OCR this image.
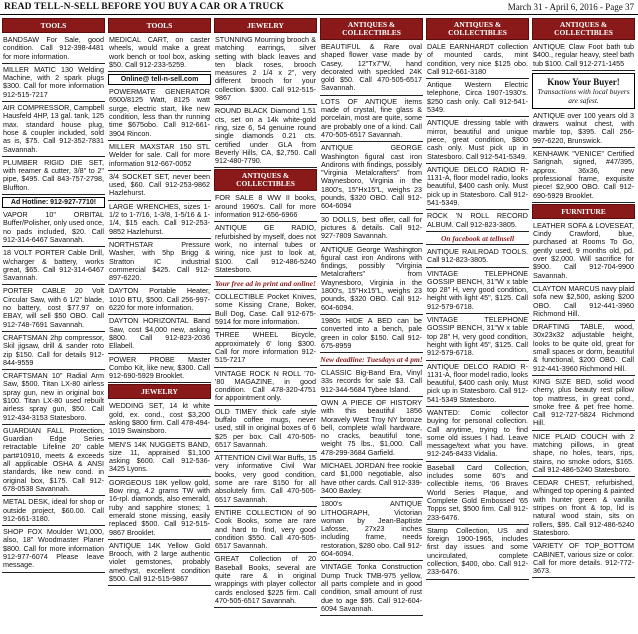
READ TELL-N-SELL BEFORE YOU BUY A CAR OR A TRUCK	March 31 - April 6, 2016 - Page 37
TOOLS
BANDSAW For Sale, good condition. Call 912-398-4481 for more information.
MILLER MATIC 130 Welding Machine, with 2 spark plugs $300. Call for more information 912-515-7217
AIR COMPRESSOR, Campbell Hausfeld 4HP, 13 gal. tank, 125 max. standard house plug, hose & coupler included, sold as is, $75. Call 912-352-7831 Savannah.
PLUMBER RIGID DIE SET, with reamer & cutter, 3/8" to 2" pipe, $495. Call 843-757-2798, Bluffton.
Ad Hotline: 912-927-7710!
VAPOR 10" ORBITAL Buffer/Polisher, only used once, no pads included, $20. Call 912-314-6467 Savannah.
18 VOLT PORTER Cable Drill, w/charger & battery, works great, $65. Call 912-314-6467 Savannah.
PORTER CABLE 20 Volt Circular Saw, with 6 1/2" blade, no battery, cost $77.97 on EBAY, will sell $50 OBO. Call 912-748-7691 Savannah.
CRAFTSMAN 2hp compressor, Skil jigsaw, drill & sander roto zip $150. Call for details 912-844-9559
CRAFTSMAN 10" Radial Arm Saw, $500. Titan LX-80 airless spray gun, new in original box $100. Titan LX-80 used rebuilt airless spray gun, $50. Call 912-434-3153 Statesboro.
GUARDIAN FALL Protection, Guardian Edge Series retractable Lifeline 20' cable part#10910, meets & exceeds all applicable OSHA & ANSI standards, like new cond. in original box, $175. Call 912-678-0538 Savannah.
METAL DESK, ideal for shop or outside project, $60.00. Call 912-661-3180.
SHOP FOX Moulder W1,000, also, 18" Woodmaster Planer $800. Call for more information 912-977-6074 Please leave message.
TOOLS
MEDICAL CART, on caster wheels, would make a great work bench or tool box, asking $50. Call 912-233-5259.
Online@ tell-n-sell.com
POWERMATE GENERATOR 6500/8125 Watt, 8125 watt surge, electric start, like new condition, less than thr running time $675obo. Call 912-661-3904 Rincon.
MILLER MAXSTAR 150 STL Welder for sale. Call for more information 912-667-0052
3/4 SOCKET SET, never been used, $60. Call 912-253-9862 Hazlehurst.
LARGE WRENCHES, sizes 1-1/2 to 1-7/16, 1-3/8, 1-5/16 & 1-1/4, $15 each. Call 912-253-9852 Hazlehurst.
NORTHSTAR Pressure Washer, with 5hp Brigg & Stratton IC industrial commercial $425. Call 912-897-6220.
DAYTON Portable Heater, 1010 BTU, $500. Call 256-997-6220 for more information.
DAYTON HORIZONTAL Band Saw, cost $4,000 new, asking $800. Call 912-823-2036 Ellabell.
POWER PROBE Master Combo Kit, like new, $300. Call 912-690-5929 Brooklet.
JEWELRY
WEDDING SET, 14 kt white gold, ex. cond., cost $3,200 asking $800 firm. Call 478-494-1019 Swainsboro.
MEN'S 14K NUGGETS BAND, size 11, appraised $1,100 asking $600. Call 912-536-3425 Lyons.
GORGEOUS 18K yellow gold, Bow ring, 4.2 grams TW with 16-rpl. diamonds, also emerald, ruby and sapphire stones; 1 emerald stone missing, easily replaced $500. Call 912-515-9867 Brooklet.
ANTIQUE 14K Yellow Gold Brooch, with 2 large authentic violet gemstones, probably amethyst, excellent condition $500. Call 912-515-9867
JEWELRY
STUNNING Mourning brooch & matching earrings, silver setting with black leaves and ten black roses, brooch measures 2 1/4 x 2", very different brooch for your collection. $300. Call 912-515-9867
ROUND BLACK Diamond 1.51 cts, set on a 14k white-gold ring, size 6, 54 genuine round single diamonds 0.21 cts. certified under GLA from Beverly Hills, CA, $2,750. Call 912-480-7790.
ANTIQUES & COLLECTIBLES
FOR SALE 8 WW II books, around 1960's. Call for more information 912-656-6966
ANTIQUE GE RADIO, refurbished by myself, does not work, no internal tubes or wiring, nice just to look at, $100. Call 912-486-5240 Statesboro.
Your free ad in print and online!
COLLECTIBLE Pocket Knives, some Kissing Crane, Boker, Bull Dog, Case. Call 912-675-5914 for more information.
THREE WHEEL Bicycle, approximately 6' long $300. Call for more information 912-515-7217
VINTAGE ROCK N ROLL '70-'80 MAGAZINE, in good condition. Call 478-320-4751 for appointment only.
OLD TIMEY thick cafe style buffalo coffee mugs, never used, still in original boxes of 6 $25 per box. Call 470-505-6517 Savannah.
ATTENTION Civil War Buffs, 15 very informative Civil War books, very good condition, some are rare $150 for all absolutely firm. Call 470-505-6517 Savannah.
ENTIRE COLLECTION of 90 Cook Books, some are rare and hard to find, very good condition $550. Call 470-505-6517 Savannah.
GREAT Collection of 20 Baseball Books, several are quite rare & in original wrappings with player collector cards enclosed $225 firm. Call 470-505-6517 Savannah.
ANTIQUES & COLLECTIBLES
BEAUTIFUL & Rare oval shaped flower vase made by Casey, 12"Tx7"W, hand decorated with speckled 24K gold $50. Call 470-505-6517 Savannah.
LOTS OF ANTIQUE items made of crystal, fine glass & porcelain, most are quite, some are probably one of a kind. Call 470-505-6517 Savannah.
ANTIQUE GEORGE Washington figural cast iron Andirons with findings, possibly "Virginia Metalcrafters" from Waynesboro, Virginia in the 1800's, 15"Hx15"L, weighs 23 pounds, $320 OBO. Call 912-604-6094
30 DOLLS, best offer, call for pictures & details. Call 912-927-7809 Savannah.
ANTIQUE George Washington figural cast iron Andirons with findings, possibly "Virginia Metalcrafters" from Waynesboro, Virginia in the 1800's, 15"Hx15"L, weighs 23 pounds, $320 OBO. Call 912-604-6094.
1980s HIDE A BED can be converted into a bench, pale green in color $150. Call 912-675-8959
New deadline: Tuesdays at 4 pm!
CLASSIC Big-Band Era, Vinyl 33s records for sale $3. Call 912-344-5684 Tybee Island.
OWN A PIECE OF HISTORY with this beautiful 1856 Moravely West Troy NY bronze bell, complete w/all hardware, no cracks, beautiful tone, weight 75 lbs., $1,000. Call 478-299-3684 Garfield.
MICHAEL JORDAN free rookie card $1,000 negotiable, also have other cards. Call 912-339-3400 Baxley.
1800's ANTIQUE LITHOGRAPH, Victorian woman by Jean-Baptiste Lafosse, 27x23 inches including frame, needs restoration, $280 obo. Call 912-604-6094.
VINTAGE Tonka Construction Dump Truck TMB-975 yellow, all parts complete and in good condition, small amount of rust due to age $95. Call 912-604-6094 Savannah.
ANTIQUES & COLLECTIBLES
DALE EARNHARDT collection of mounted cards, mint condition, very nice $125 obo. Call 912-661-3180
Antique Western Electric telephone, Circa 1907-1930's. $250 cash only. Call 912-541-5349.
ANTIQUE dressing table with mirror, beautiful and unique piece, great condition, $800 cash only. Must pick up in Statesboro. Call 912-541-5349.
ANTIQUE DELCO RADIO R-1131-A, floor model radio, looks beautiful, $400 cash only. Must pick up in Statesboro. Call 912-541-5349.
ROCK 'N ROLL RECORD ALBUM. Call 912-823-3805.
On facebook at tellnsell
ANTIQUE RAILROAD TOOLS. Call 912-823-3805.
VINTAGE TELEPHONE GOSSIP BENCH, 31"W x table top 28" H, very good condition, height with light 45", $125. Call 912-579-6718.
VINTAGE TELEPHONE GOSSIP BENCH, 31"W x table top 28" H, very good condition, height with light 45", $125. Call 912-579-6718.
ANTIQUE DELCO RADIO R-1131-A, floor model radio, looks beautiful, $400 cash only. Must pick up in Statesboro. Call 912-541-5349 Statesboro.
WANTED: Comic collector buying for personal collection. Call anytime, trying to find some old issues I had. Leave message/text what you have. 912-245-8433 Vidalia.
Baseball Card Collection, includes some 60's and collectible items, '06 Braves World Series Plaque, and Complete Gold Embossed '65 Topps set, $500 firm. Call 912-233-6476.
Stamp Collection, US and foreign 1900-1965, includes first day issues and some uncirculated, complete collection, $400, obo. Call 912-233-6476.
ANTIQUES & COLLECTIBLES
ANTIQUE Claw Foot bath tub $400., regular heavy, steel bath tub $100. Call 912-271-1455
Know Your Buyer!
Transactions with local buyers are safest.
ANTIQUE over 100 years old 3 drawers walnut chest, with marble top, $395. Call 256-997-6220, Brunswick.
KENHAWK "VENICE" Certified Sarignah, signed, #47/395, approx. 36x36, new professional frame, exquisite piece! $2,900 OBO. Call 912-690-5929 Brooklet.
FURNITURE
LEATHER SOFA & LOVESEAT, Cindy Crawford, blue, purchased at Rooms To Go, gently used, 9 months old, pd. over $2,000. Will sacrifice for $900. Call 912-704-9900 Savannah.
CLAYTON MARCUS navy plaid sofa new $2,500, asking $200 OBO. Call 912-441-3960 Richmond Hill.
DRAFTING TABLE, wood, 30x23x32 adjustable height, looks to be quite old, great for small spaces or dorm, beautiful & functional, $200 OBO. Call 912-441-3960 Richmond Hill.
KING SIZE BED, solid wood cherry, plus beauty rest pillow top mattress, in great cond., smoke free & pet free home. Call 912-727-5824 Richmond Hill.
NICE PLAID COUCH with 2 matching pillows, in great shape, no holes, tears, rips, stains, no smoke odors, $165. Call 912-486-5240 Statesboro.
CEDAR CHEST, refurbished, w/hinged top opening & painted with hunter green & vanilla stripes on front & top, lid is natural wood stain, sits on rollers, $95. Call 912-486-5240 Statesboro.
VARIETY OF TOP_BOTTOM CABINET, various size or color. Call for more details. 912-772-3673.
